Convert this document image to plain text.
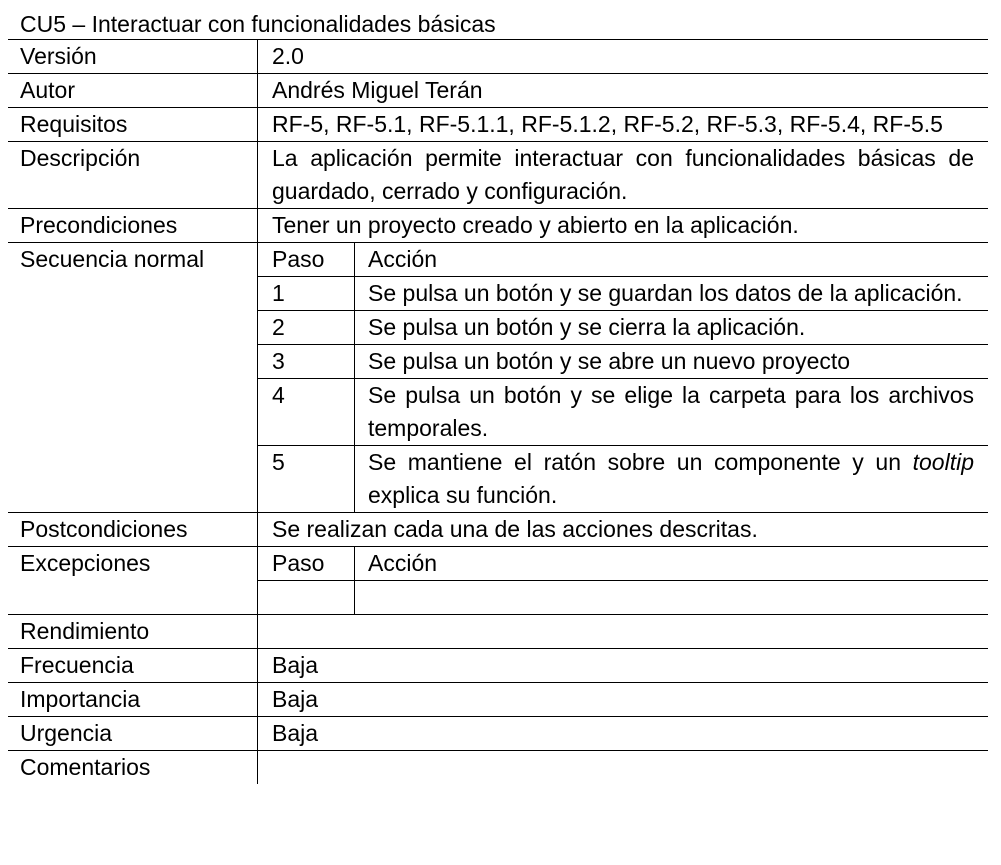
CU5 – Interactuar con funcionalidades básicas
Versión	2.0
Autor	Andrés Miguel Terán
Requisitos	RF-5, RF-5.1, RF-5.1.1, RF-5.1.2, RF-5.2, RF-5.3, RF-5.4, RF-5.5
Descripción	La aplicación permite interactuar con funcionalidades básicas de guardado, cerrado y configuración.
Precondiciones	Tener un proyecto creado y abierto en la aplicación.
Secuencia normal		Paso	Acción
1	Se pulsa un botón y se guardan los datos de la aplicación.
2	Se pulsa un botón y se cierra la aplicación.
3	Se pulsa un botón y se abre un nuevo proyecto
4	Se pulsa un botón y se elige la carpeta para los archivos temporales.
5	Se mantiene el ratón sobre un componente y un tooltip explica su función.

Postcondiciones	Se realizan cada una de las acciones descritas.
Excepciones		Paso	Acción

Rendimiento	
Frecuencia	Baja
Importancia	Baja
Urgencia	Baja
Comentarios	
